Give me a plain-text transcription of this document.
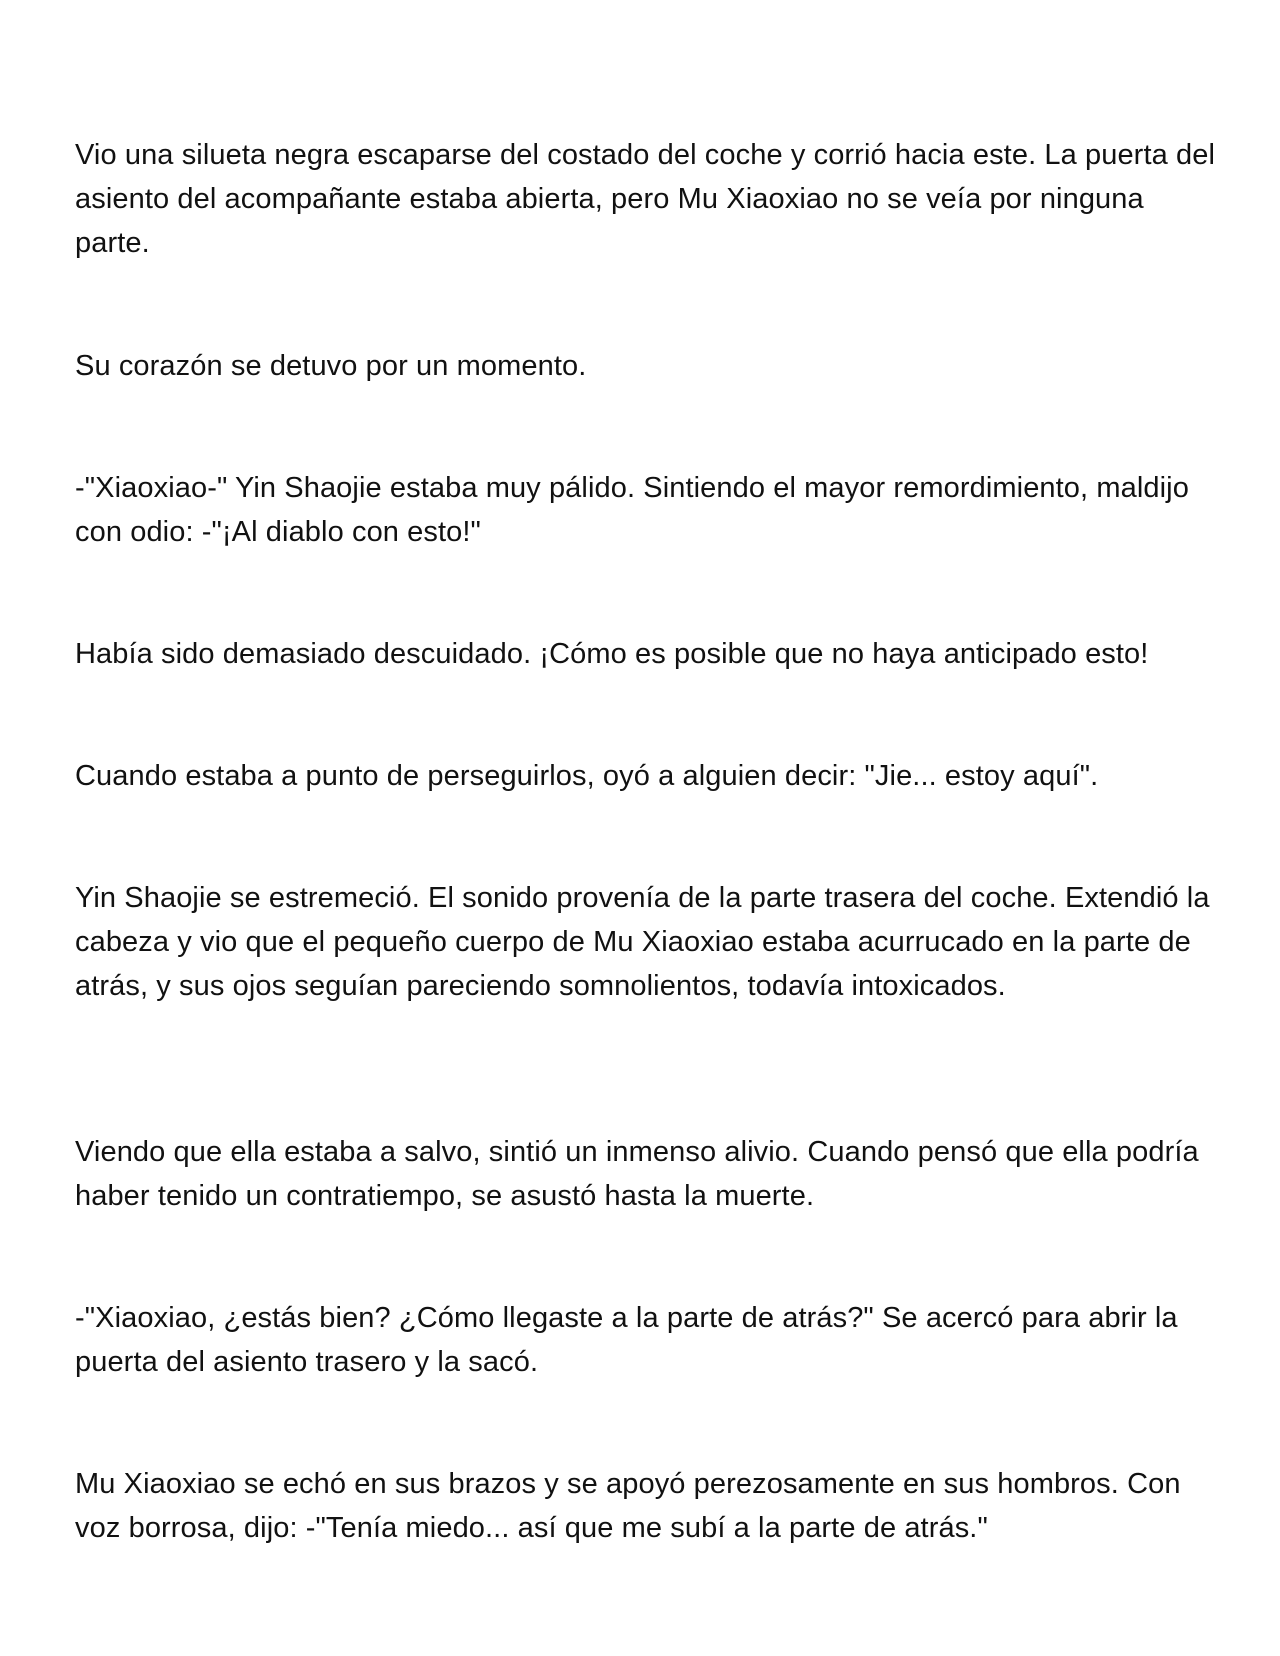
Vio una silueta negra escaparse del costado del coche y corrió hacia este. La puerta del asiento del acompañante estaba abierta, pero Mu Xiaoxiao no se veía por ninguna parte.

Su corazón se detuvo por un momento.

-"Xiaoxiao-" Yin Shaojie estaba muy pálido. Sintiendo el mayor remordimiento, maldijo con odio: -"¡Al diablo con esto!"

Había sido demasiado descuidado. ¡Cómo es posible que no haya anticipado esto!

Cuando estaba a punto de perseguirlos, oyó a alguien decir: "Jie... estoy aquí".

Yin Shaojie se estremeció. El sonido provenía de la parte trasera del coche. Extendió la cabeza y vio que el pequeño cuerpo de Mu Xiaoxiao estaba acurrucado en la parte de atrás, y sus ojos seguían pareciendo somnolientos, todavía intoxicados.

Viendo que ella estaba a salvo, sintió un inmenso alivio. Cuando pensó que ella podría haber tenido un contratiempo, se asustó hasta la muerte.

-"Xiaoxiao, ¿estás bien? ¿Cómo llegaste a la parte de atrás?" Se acercó para abrir la puerta del asiento trasero y la sacó.

Mu Xiaoxiao se echó en sus brazos y se apoyó perezosamente en sus hombros. Con voz borrosa, dijo: -"Tenía miedo... así que me subí a la parte de atrás."
